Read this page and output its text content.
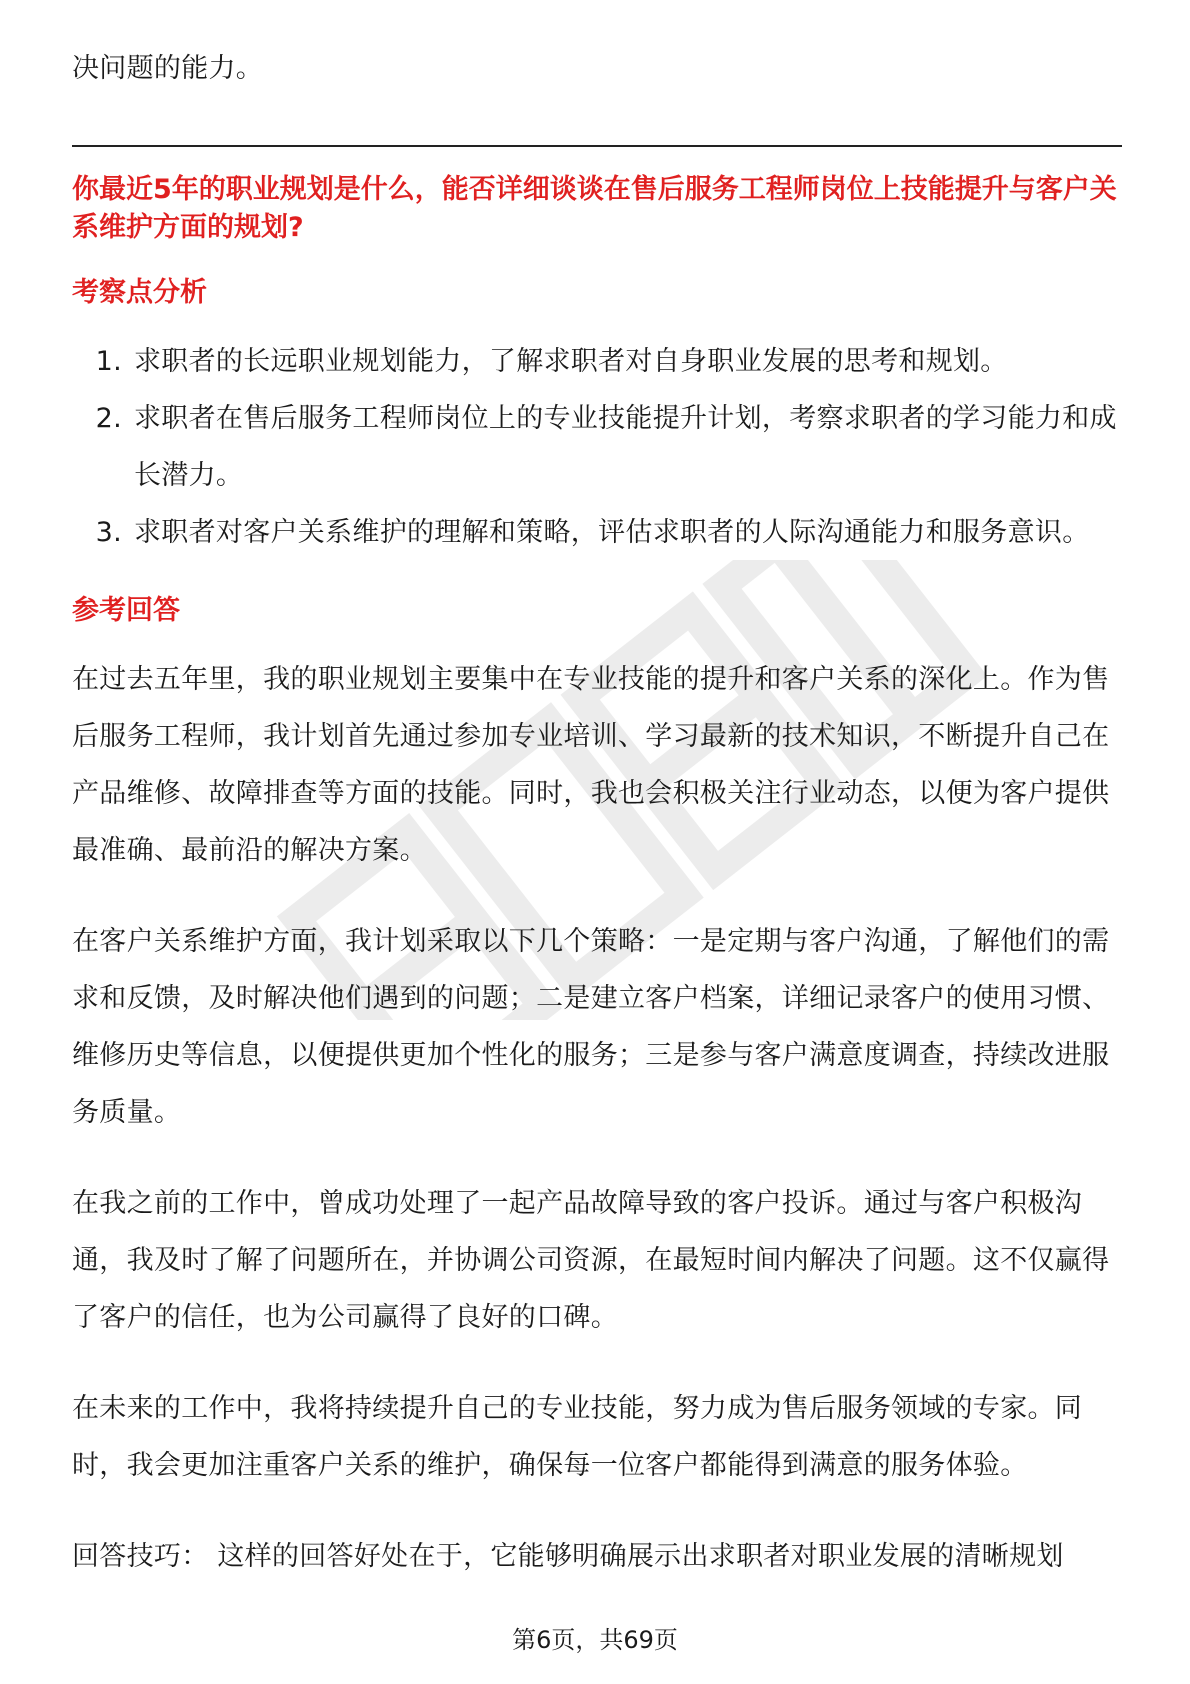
决问题的能力。

你最近5年的职业规划是什么，能否详细谈谈在售后服务工程师岗位上技能提升与客户关系维护方面的规划?

考察点分析

1. 求职者的长远职业规划能力，了解求职者对自身职业发展的思考和规划。
2. 求职者在售后服务工程师岗位上的专业技能提升计划，考察求职者的学习能力和成长潜力。
3. 求职者对客户关系维护的理解和策略，评估求职者的人际沟通能力和服务意识。

参考回答

在过去五年里，我的职业规划主要集中在专业技能的提升和客户关系的深化上。作为售后服务工程师，我计划首先通过参加专业培训、学习最新的技术知识，不断提升自己在产品维修、故障排查等方面的技能。同时，我也会积极关注行业动态，以便为客户提供最准确、最前沿的解决方案。

在客户关系维护方面，我计划采取以下几个策略：一是定期与客户沟通，了解他们的需求和反馈，及时解决他们遇到的问题；二是建立客户档案，详细记录客户的使用习惯、维修历史等信息，以便提供更加个性化的服务；三是参与客户满意度调查，持续改进服务质量。

在我之前的工作中，曾成功处理了一起产品故障导致的客户投诉。通过与客户积极沟通，我及时了解了问题所在，并协调公司资源，在最短时间内解决了问题。这不仅赢得了客户的信任，也为公司赢得了良好的口碑。

在未来的工作中，我将持续提升自己的专业技能，努力成为售后服务领域的专家。同时，我会更加注重客户关系的维护，确保每一位客户都能得到满意的服务体验。

回答技巧： 这样的回答好处在于，它能够明确展示出求职者对职业发展的清晰规划

第6页，共69页
